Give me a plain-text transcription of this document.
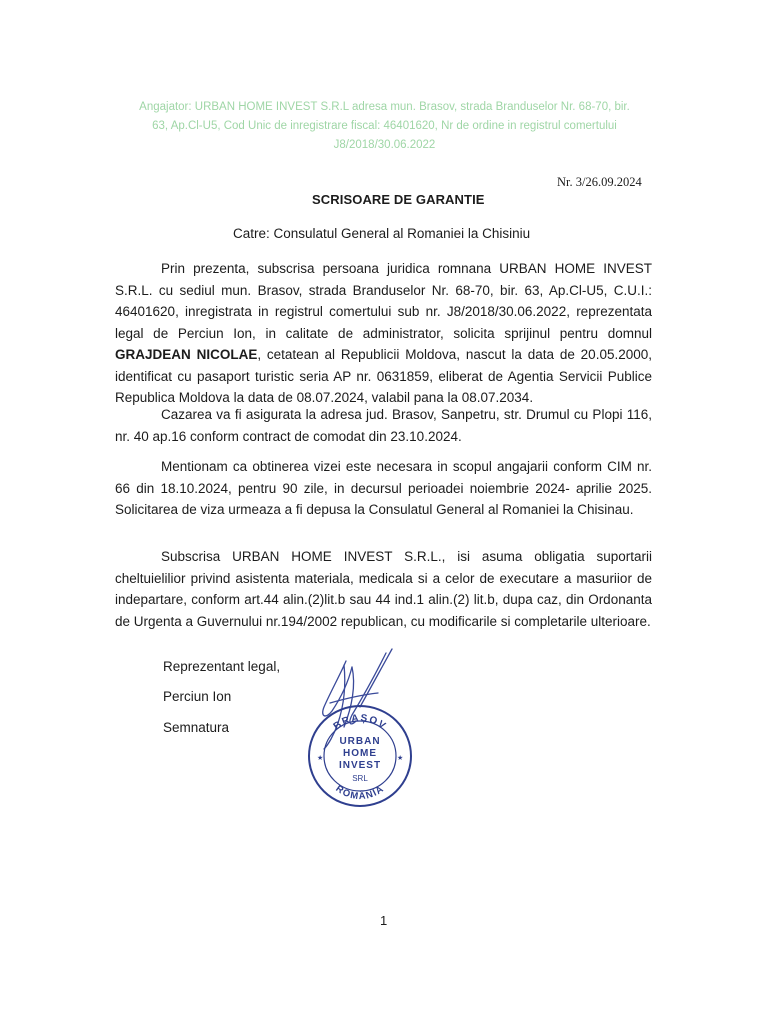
Angajator: URBAN HOME INVEST S.R.L adresa mun. Brasov, strada Branduselor Nr. 68-70, bir.
63, Ap.Cl-U5, Cod Unic de inregistrare fiscal: 46401620, Nr de ordine in registrul comertului
J8/2018/30.06.2022
Nr. 3/26.09.2024
SCRISOARE DE GARANTIE
Catre: Consulatul General al Romaniei la Chisiniu

Prin prezenta, subscrisa persoana juridica romnana URBAN HOME INVEST S.R.L. cu sediul mun. Brasov, strada Branduselor Nr. 68-70, bir. 63, Ap.Cl-U5, C.U.I.: 46401620, inregistrata in registrul comertului sub nr. J8/2018/30.06.2022, reprezentata legal de Perciun Ion, in calitate de administrator, solicita sprijinul pentru domnul GRAJDEAN NICOLAE, cetatean al Republicii Moldova, nascut la data de 20.05.2000, identificat cu pasaport turistic seria AP nr. 0631859, eliberat de Agentia Servicii Publice Republica Moldova la data de 08.07.2024, valabil pana la 08.07.2034.

Cazarea va fi asigurata la adresa jud. Brasov, Sanpetru, str. Drumul cu Plopi 116, nr. 40 ap.16 conform contract de comodat din 23.10.2024.

Mentionam ca obtinerea vizei este necesara in scopul angajarii conform CIM nr. 66 din 18.10.2024, pentru 90 zile, in decursul perioadei noiembrie 2024- aprilie 2025. Solicitarea de viza urmeaza a fi depusa la Consulatul General al Romaniei la Chisinau.

Subscrisa URBAN HOME INVEST S.R.L., isi asuma obligatia suportarii cheltuielilior privind asistenta materiala, medicala si a celor de executare a masuriior de indepartare, conform art.44 alin.(2)lit.b sau 44 ind.1 alin.(2) lit.b, dupa caz, din Ordonanta de Urgenta a Guvernului nr.194/2002 republican, cu modificarile si completarile ulterioare.

Reprezentant legal,
Perciun Ion
Semnatura	BRAȘOV
URBAN
HOME
INVEST
SRL
ROMÂNIA
★	★
1
